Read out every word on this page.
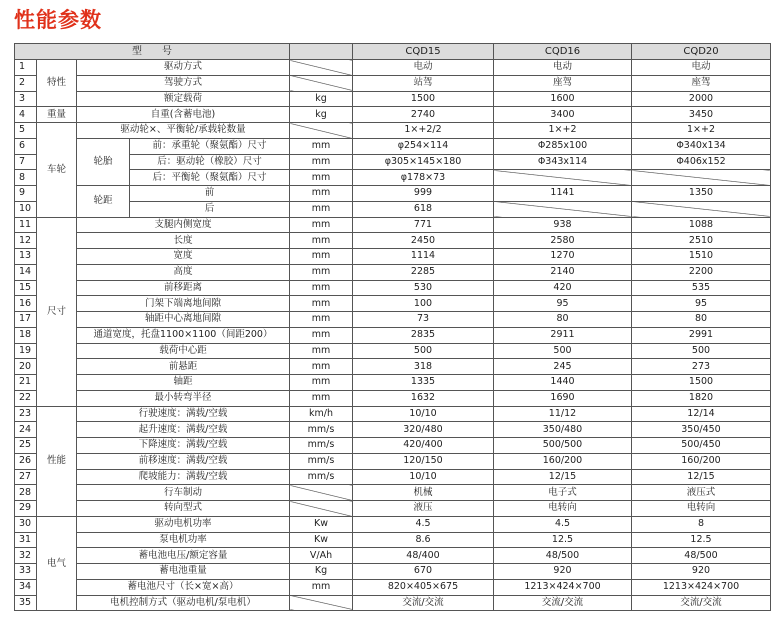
性能参数
型　　号					CQD15	CQD16	CQD20
1	特性	驱动方式			电动	电动	电动
2		驾驶方式			站驾	座驾	座驾
3		额定载荷		kg	1500	1600	2000
4	重量	自重(含蓄电池)		kg	2740	3400	3450
5	车轮	驱动轮×、平衡轮/承载轮数量			1×+2/2	1×+2	1×+2
6		轮胎	前：承重轮（聚氨酯）尺寸	mm	φ254×114	Φ285x100	Φ340x134
7			后：驱动轮（橡胶）尺寸	mm	φ305×145×180	Φ343x114	Φ406x152
8			后：平衡轮（聚氨酯）尺寸	mm	φ178×73		
9		轮距	前	mm	999	1141	1350
10			后	mm	618		
11	尺寸	支腿内侧宽度		mm	771	938	1088
12		长度		mm	2450	2580	2510
13		宽度		mm	1114	1270	1510
14		高度		mm	2285	2140	2200
15		前移距离		mm	530	420	535
16		门架下端离地间隙		mm	100	95	95
17		轴距中心离地间隙		mm	73	80	80
18		通道宽度，托盘1100×1100（间距200）		mm	2835	2911	2991
19		载荷中心距		mm	500	500	500
20		前悬距		mm	318	245	273
21		轴距		mm	1335	1440	1500
22		最小转弯半径		mm	1632	1690	1820
23	性能	行驶速度：满载/空载		km/h	10/10	11/12	12/14
24		起升速度：满载/空载		mm/s	320/480	350/480	350/450
25		下降速度：满载/空载		mm/s	420/400	500/500	500/450
26		前移速度：满载/空载		mm/s	120/150	160/200	160/200
27		爬坡能力：满载/空载		mm/s	10/10	12/15	12/15
28		行车制动			机械	电子式	液压式
29		转向型式			液压	电转向	电转向
30	电气	驱动电机功率		Kw	4.5	4.5	8
31		泵电机功率		Kw	8.6	12.5	12.5
32		蓄电池电压/额定容量		V/Ah	48/400	48/500	48/500
33		蓄电池重量		Kg	670	920	920
34		蓄电池尺寸（长×宽×高）		mm	820×405×675	1213×424×700	1213×424×700
35		电机控制方式（驱动电机/泵电机）			交流/交流	交流/交流	交流/交流
